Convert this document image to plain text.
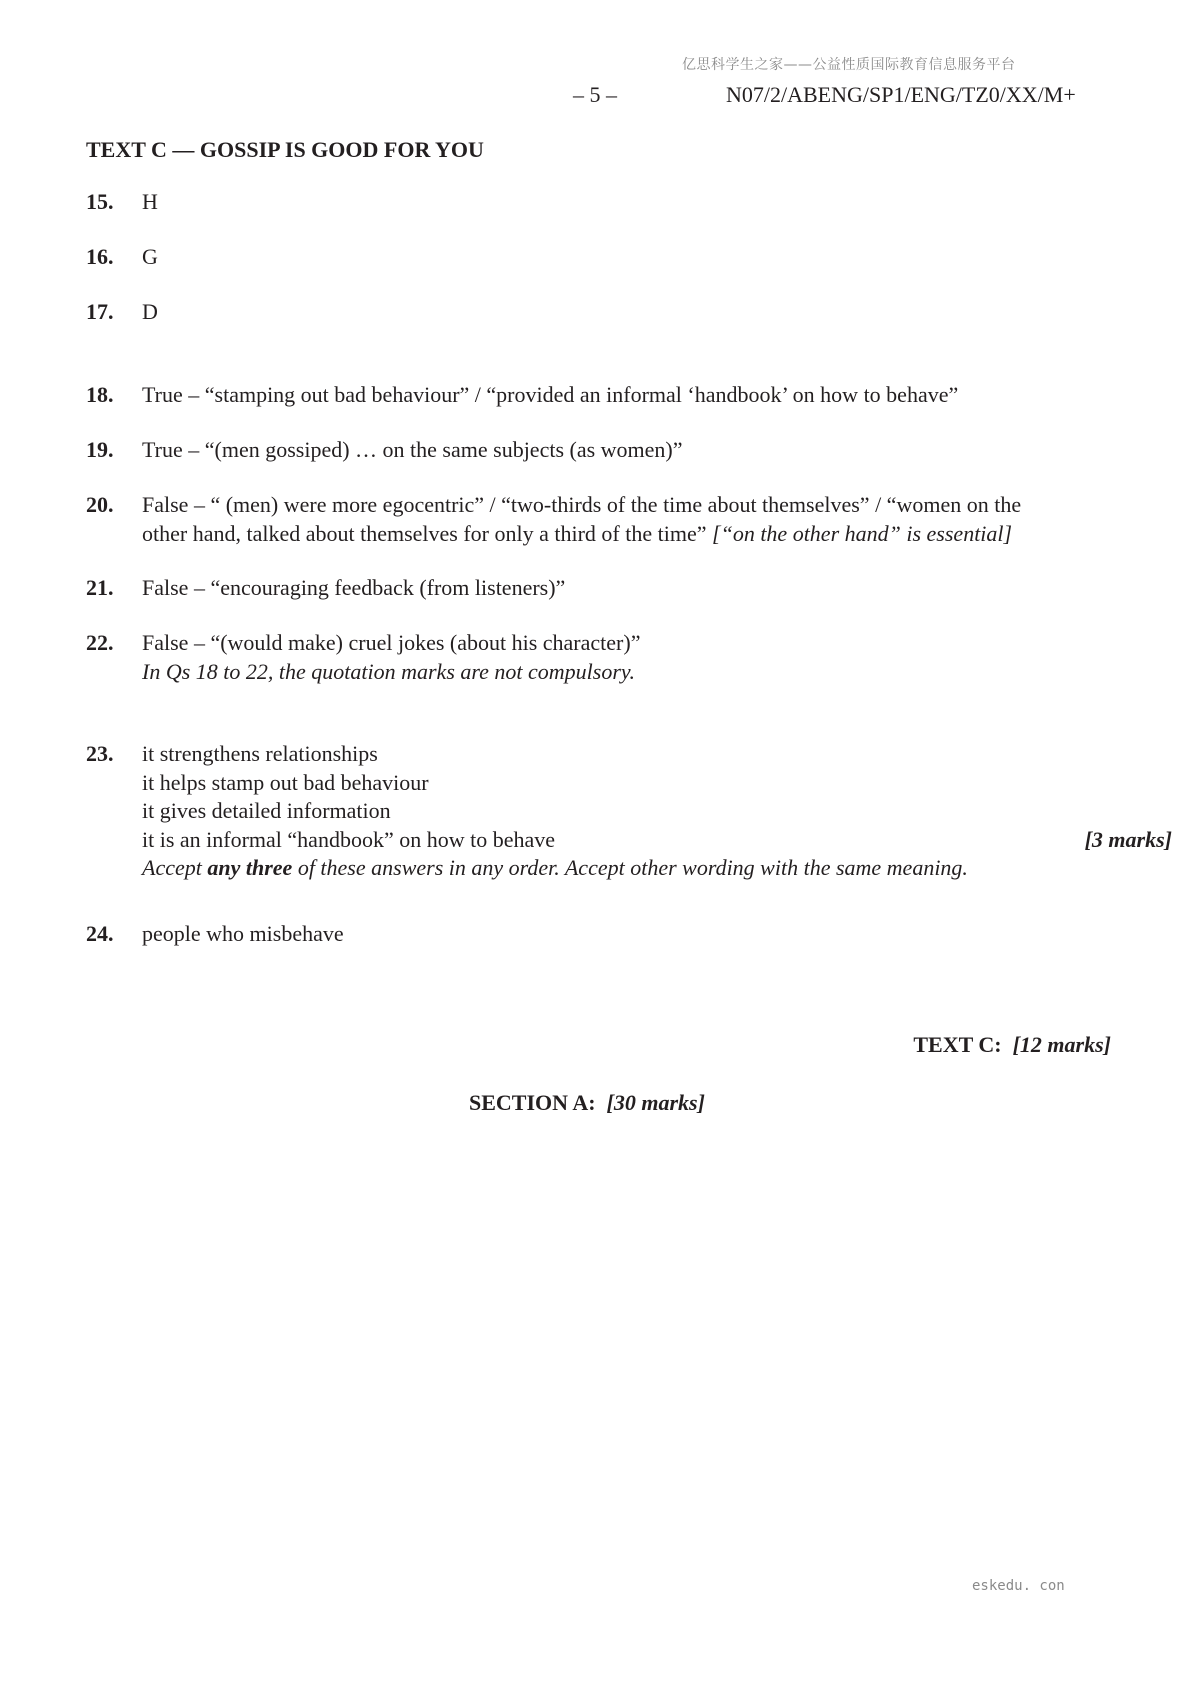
亿思科学生之家——公益性质国际教育信息服务平台
– 5 –	N07/2/ABENG/SP1/ENG/TZ0/XX/M+
TEXT C — GOSSIP IS GOOD FOR YOU
15. H
16. G
17. D
18. True – “stamping out bad behaviour” / “provided an informal ‘handbook’ on how to behave”
19. True – “(men gossiped) … on the same subjects (as women)”
20. False – “ (men) were more egocentric” / “two-thirds of the time about themselves” / “women on the
other hand, talked about themselves for only a third of the time” [“on the other hand” is essential]
21. False – “encouraging feedback (from listeners)”
22. False – “(would make) cruel jokes (about his character)”
In Qs 18 to 22, the quotation marks are not compulsory.
23. it strengthens relationships
it helps stamp out bad behaviour
it gives detailed information
it is an informal “handbook” on how to behave	[3 marks]
Accept any three of these answers in any order. Accept other wording with the same meaning.
24. people who misbehave
TEXT C: [12 marks]
SECTION A: [30 marks]
eskedu. con
